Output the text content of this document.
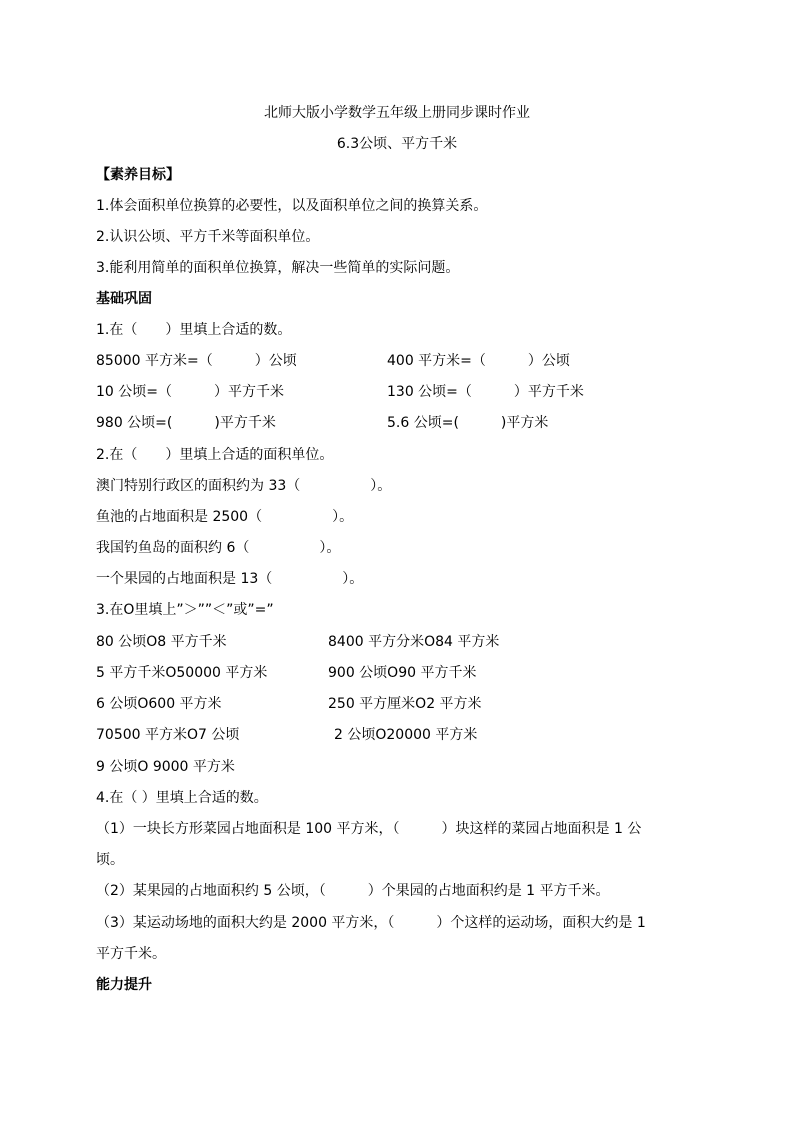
北师大版小学数学五年级上册同步课时作业
6.3公顷、平方千米
【素养目标】
1.体会面积单位换算的必要性，以及面积单位之间的换算关系。
2.认识公顷、平方千米等面积单位。
3.能利用简单的面积单位换算，解决一些简单的实际问题。
基础巩固
1.在（　　）里填上合适的数。
85000 平方米=（　　　）公顷	400 平方米=（　　　）公顷
10 公顷=（　　　）平方千米	130 公顷=（　　　）平方千米
980 公顷=(　　　)平方千米	5.6 公顷=(　　　)平方米
2.在（　　）里填上合适的面积单位。
澳门特别行政区的面积约为 33（　　　　　）。
鱼池的占地面积是 2500（　　　　　）。
我国钓鱼岛的面积约 6（　　　　　）。
一个果园的占地面积是 13（　　　　　）。
3.在O里填上”＞””＜”或”=”
80 公顷O8 平方千米	8400 平方分米O84 平方米
5 平方千米O50000 平方米	900 公顷O90 平方千米
6 公顷O600 平方米	250 平方厘米O2 平方米
70500 平方米O7 公顷	2 公顷O20000 平方米
9 公顷O 9000 平方米
4.在（ ）里填上合适的数。
（1）一块长方形菜园占地面积是 100 平方米，（　　　）块这样的菜园占地面积是 1 公
顷。
（2）某果园的占地面积约 5 公顷，（　　　）个果园的占地面积约是 1 平方千米。
（3）某运动场地的面积大约是 2000 平方米，（　　　）个这样的运动场，面积大约是 1
平方千米。
能力提升
